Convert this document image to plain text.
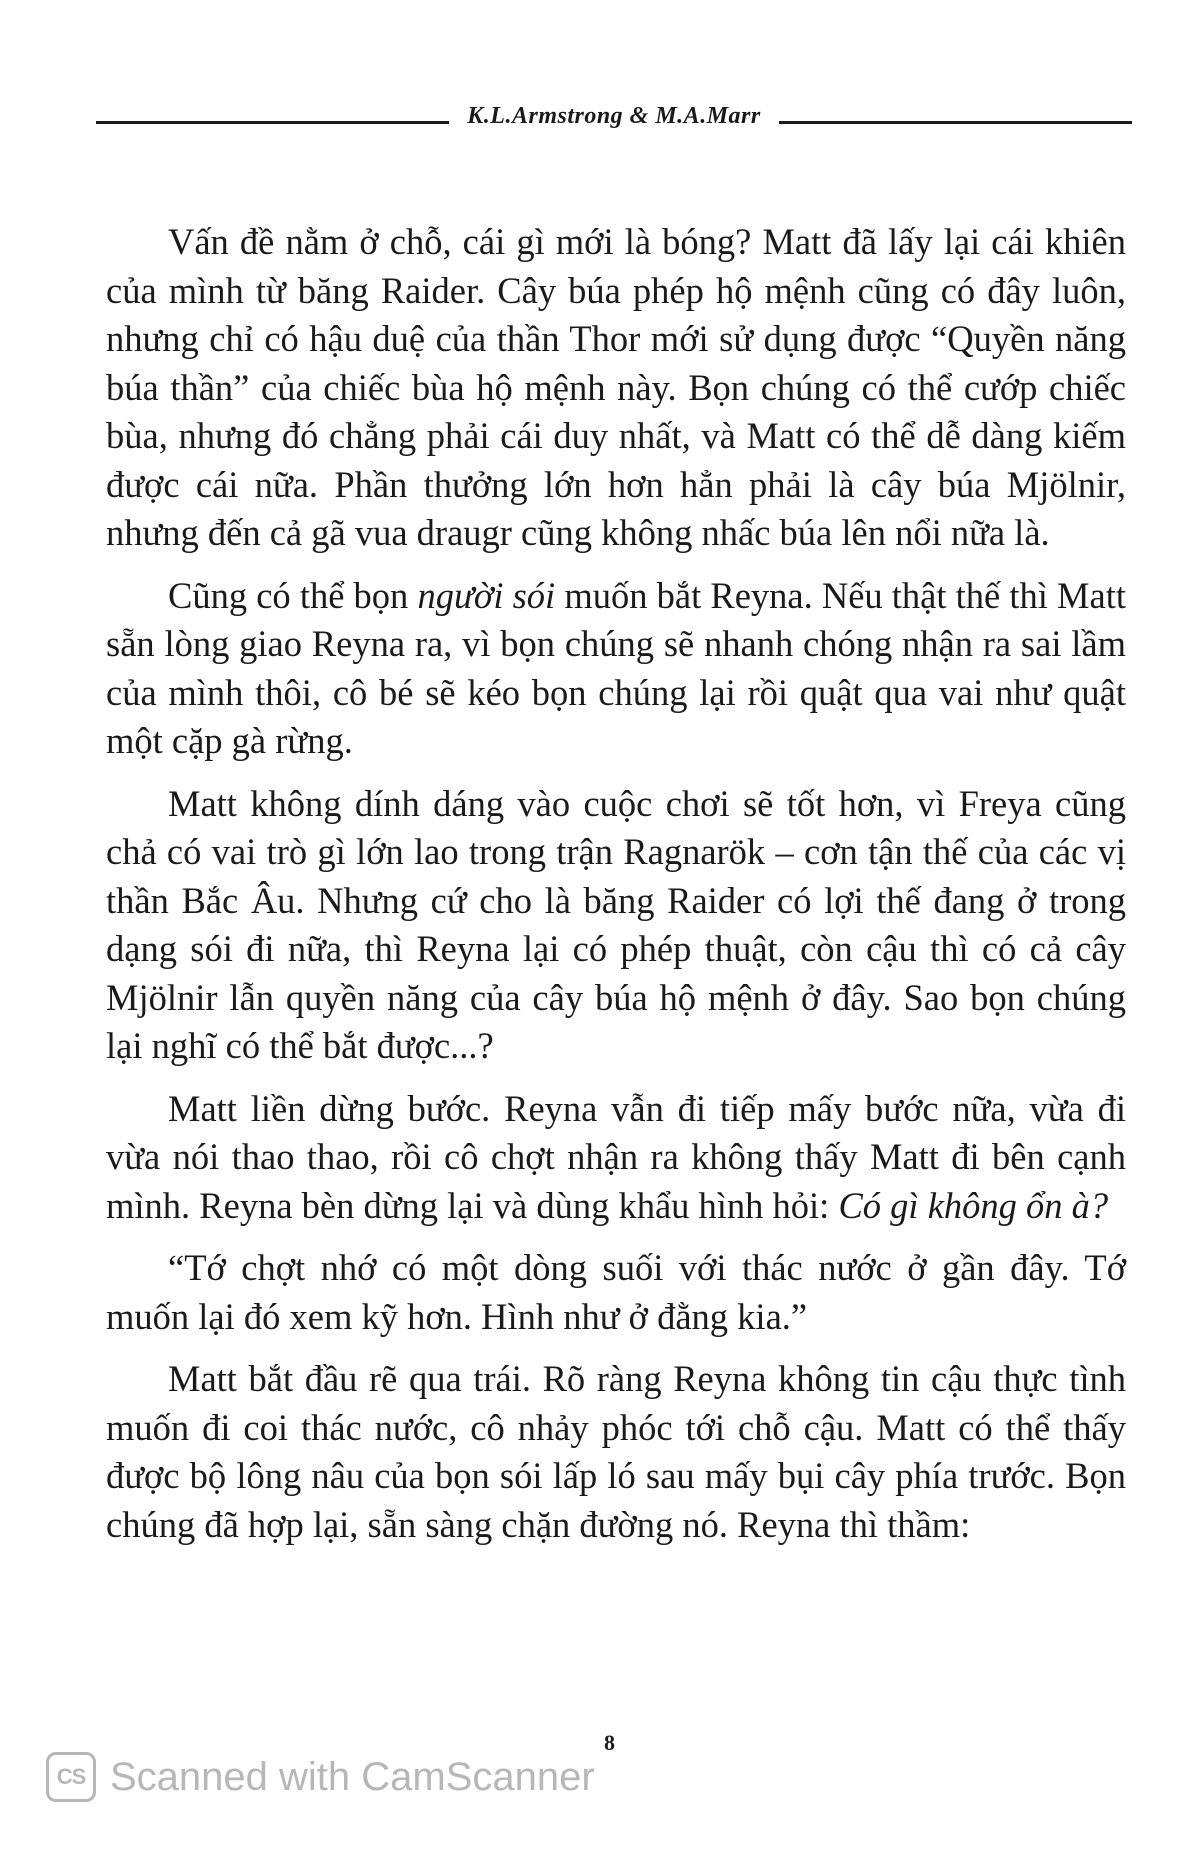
K.L.Armstrong & M.A.Marr

Vấn đề nằm ở chỗ, cái gì mới là bóng? Matt đã lấy lại cái khiên của mình từ băng Raider. Cây búa phép hộ mệnh cũng có đây luôn, nhưng chỉ có hậu duệ của thần Thor mới sử dụng được “Quyền năng búa thần” của chiếc bùa hộ mệnh này. Bọn chúng có thể cướp chiếc bùa, nhưng đó chẳng phải cái duy nhất, và Matt có thể dễ dàng kiếm được cái nữa. Phần thưởng lớn hơn hẳn phải là cây búa Mjölnir, nhưng đến cả gã vua draugr cũng không nhấc búa lên nổi nữa là.

Cũng có thể bọn người sói muốn bắt Reyna. Nếu thật thế thì Matt sẵn lòng giao Reyna ra, vì bọn chúng sẽ nhanh chóng nhận ra sai lầm của mình thôi, cô bé sẽ kéo bọn chúng lại rồi quật qua vai như quật một cặp gà rừng.

Matt không dính dáng vào cuộc chơi sẽ tốt hơn, vì Freya cũng chả có vai trò gì lớn lao trong trận Ragnarök – cơn tận thế của các vị thần Bắc Âu. Nhưng cứ cho là băng Raider có lợi thế đang ở trong dạng sói đi nữa, thì Reyna lại có phép thuật, còn cậu thì có cả cây Mjölnir lẫn quyền năng của cây búa hộ mệnh ở đây. Sao bọn chúng lại nghĩ có thể bắt được...?

Matt liền dừng bước. Reyna vẫn đi tiếp mấy bước nữa, vừa đi vừa nói thao thao, rồi cô chợt nhận ra không thấy Matt đi bên cạnh mình. Reyna bèn dừng lại và dùng khẩu hình hỏi: Có gì không ổn à?

“Tớ chợt nhớ có một dòng suối với thác nước ở gần đây. Tớ muốn lại đó xem kỹ hơn. Hình như ở đằng kia.”

Matt bắt đầu rẽ qua trái. Rõ ràng Reyna không tin cậu thực tình muốn đi coi thác nước, cô nhảy phóc tới chỗ cậu. Matt có thể thấy được bộ lông nâu của bọn sói lấp ló sau mấy bụi cây phía trước. Bọn chúng đã hợp lại, sẵn sàng chặn đường nó. Reyna thì thầm:

8
CS Scanned with CamScanner
